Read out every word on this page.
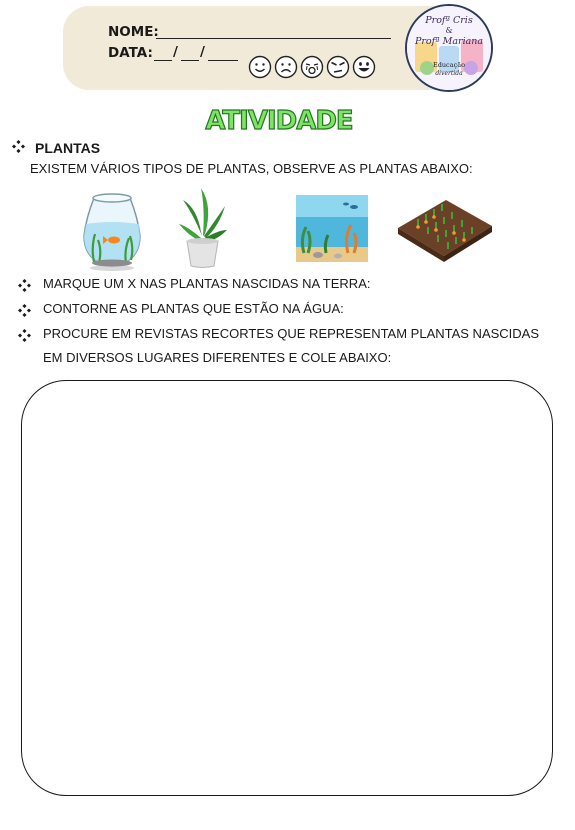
NOME:
DATA: / /
Profª Cris
&
Profª Mariana
Educação
divertida
ATIVIDADE
PLANTAS
EXISTEM VÁRIOS TIPOS DE PLANTAS, OBSERVE AS PLANTAS ABAIXO:
MARQUE UM X NAS PLANTAS NASCIDAS NA TERRA:
CONTORNE AS PLANTAS QUE ESTÃO NA ÁGUA:
PROCURE EM REVISTAS RECORTES QUE REPRESENTAM PLANTAS NASCIDAS
EM DIVERSOS LUGARES DIFERENTES E COLE ABAIXO:
